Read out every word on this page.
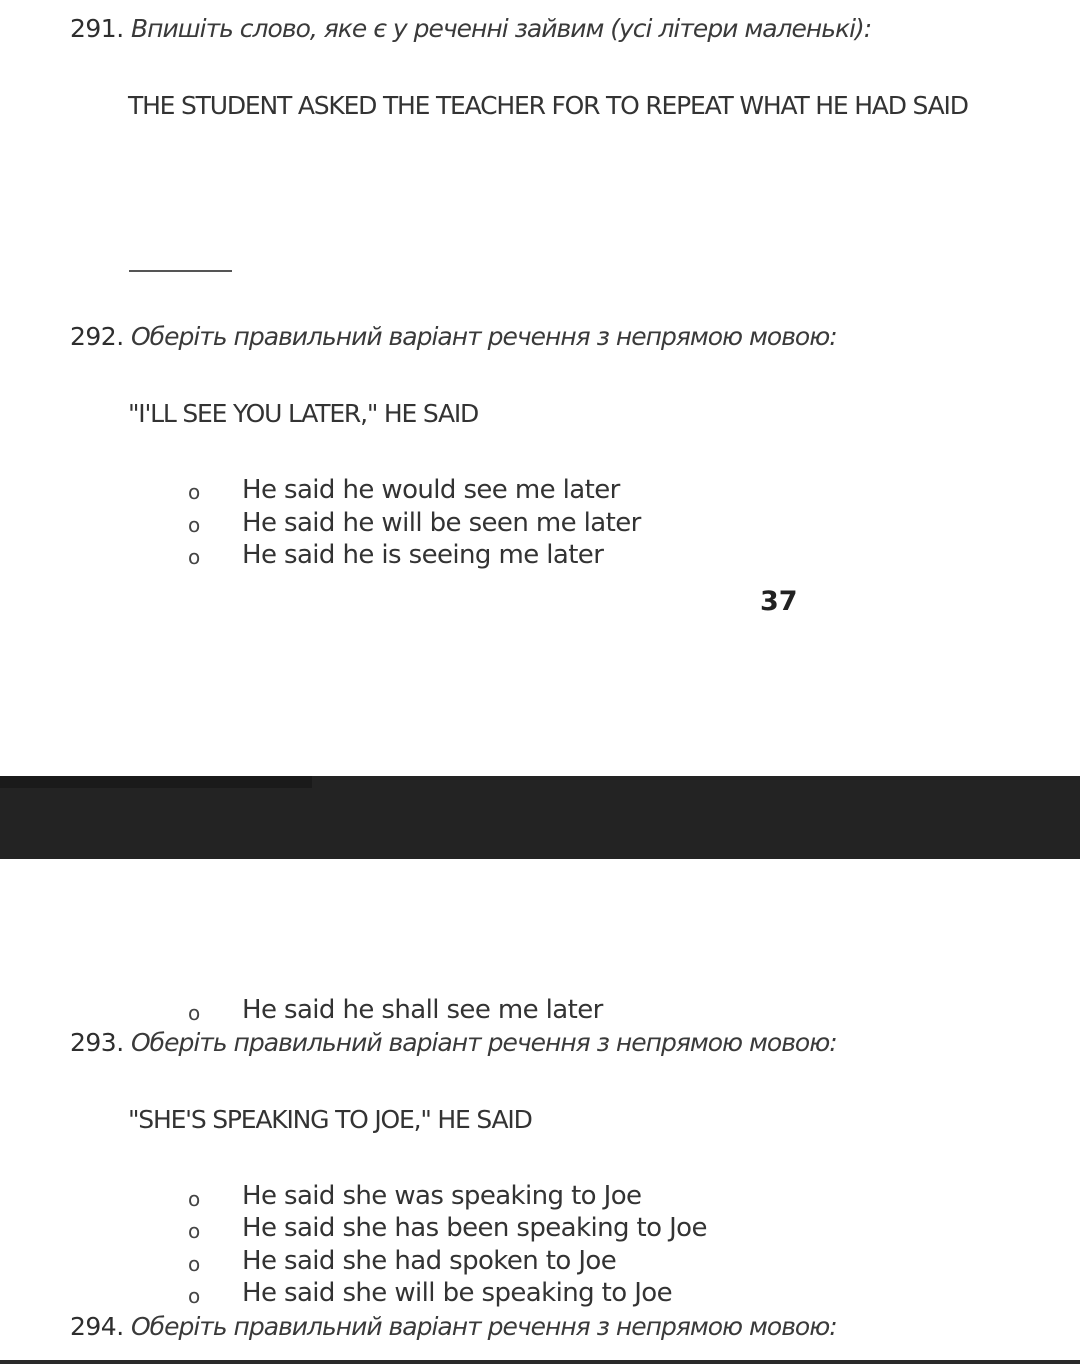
291. Впишіть слово, яке є у реченні зайвим (усі літери маленькі):
THE STUDENT ASKED THE TEACHER FOR TO REPEAT WHAT HE HAD SAID
292. Оберіть правильний варіант речення з непрямою мовою:
"I'LL SEE YOU LATER," HE SAID
o He said he would see me later
o He said he will be seen me later
o He said he is seeing me later
37
o He said he shall see me later
293. Оберіть правильний варіант речення з непрямою мовою:
"SHE'S SPEAKING TO JOE," HE SAID
o He said she was speaking to Joe
o He said she has been speaking to Joe
o He said she had spoken to Joe
o He said she will be speaking to Joe
294. Оберіть правильний варіант речення з непрямою мовою:
